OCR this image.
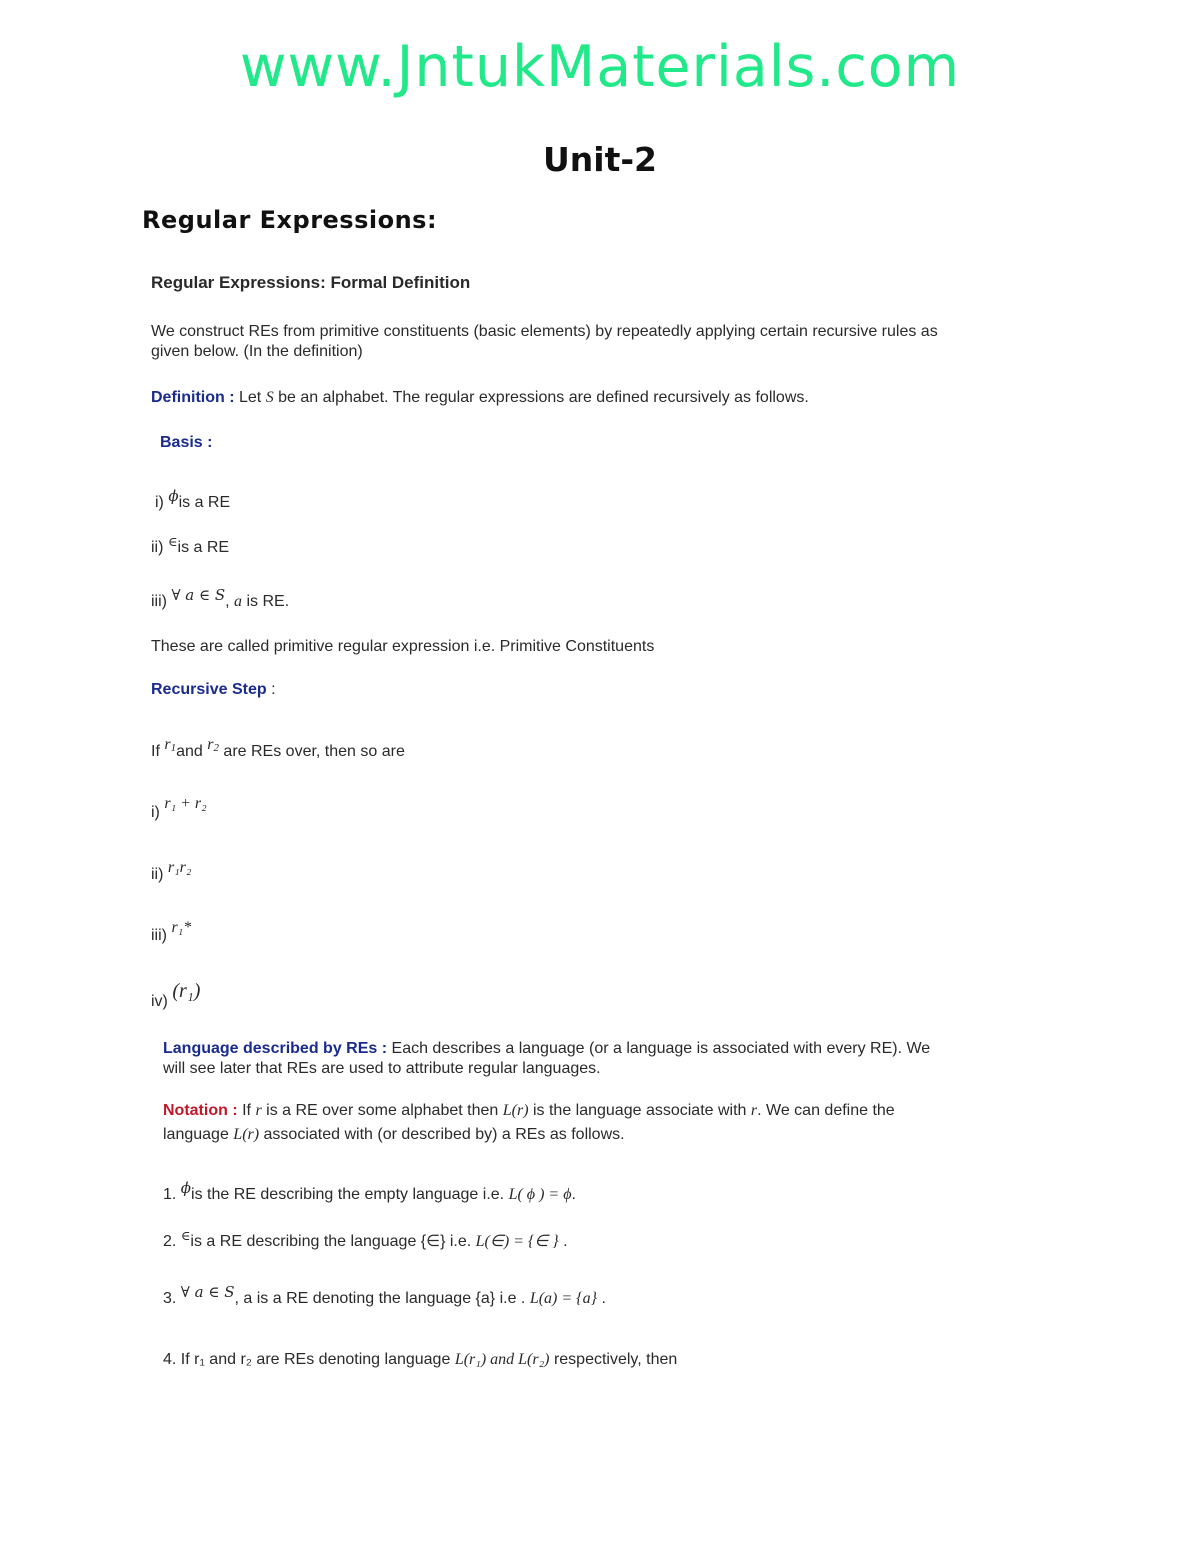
www.JntukMaterials.com
Unit-2
Regular Expressions:
Regular Expressions: Formal Definition
We construct REs from primitive constituents (basic elements) by repeatedly applying certain recursive rules as
given below. (In the definition)
Definition : Let S be an alphabet. The regular expressions are defined recursively as follows.
Basis :
i) ϕis a RE
ii) ∈is a RE
iii) ∀ a ∈ S, a is RE.
These are called primitive regular expression i.e. Primitive Constituents
Recursive Step :
If $r_1and$ $r_2$ are REs over, then so are
i) r₁ + r₂
ii) r₁r₂
iii) r₁*
iv) (r₁)
Language described by REs : Each describes a language (or a language is associated with every RE). We
will see later that REs are used to attribute regular languages.
Notation : If r is a RE over some alphabet then L(r) is the language associate with r. We can define the
language L(r) associated with (or described by) a REs as follows.
1. ϕis the RE describing the empty language i.e. L( ϕ ) = ϕ.
2. ∈is a RE describing the language {∈} i.e. L(∈) = {∈ } .
3. ∀ a ∈ S, a is a RE denoting the language {a} i.e . L(a) = {a} .
4. If r₁ and r₂ are REs denoting language L(r₁) and L(r₂) respectively, then
